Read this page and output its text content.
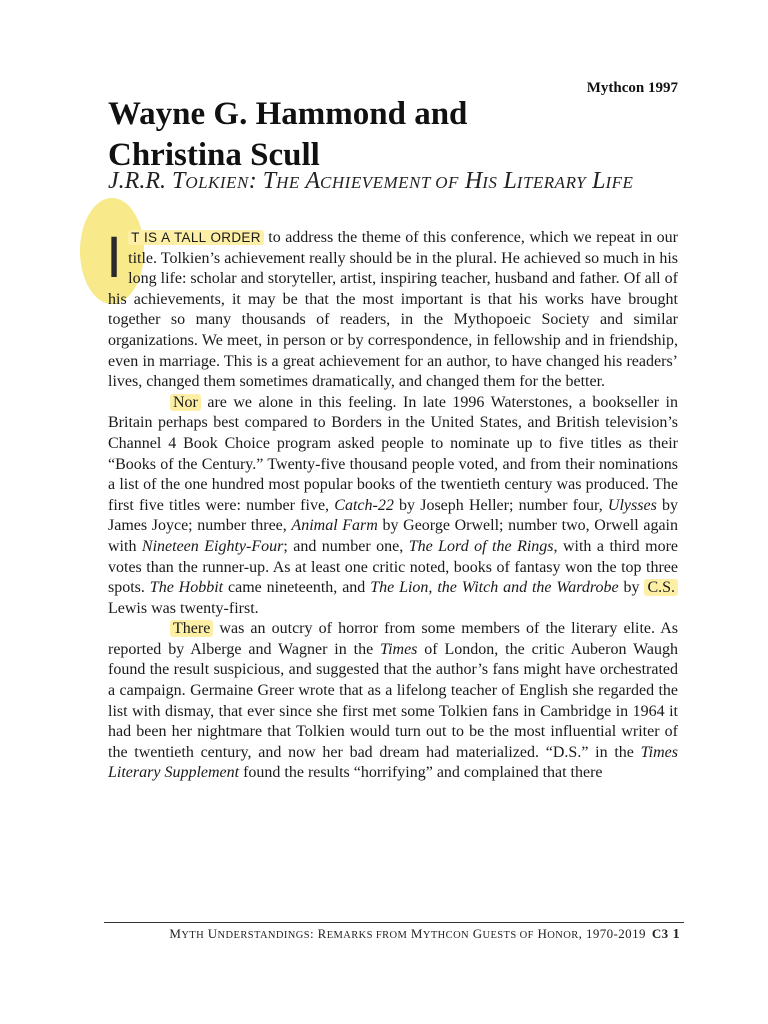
Mythcon 1997
Wayne G. Hammond and Christina Scull
J.R.R. TOLKIEN: THE ACHIEVEMENT OF HIS LITERARY LIFE

I T IS A TALL ORDER to address the theme of this conference, which we repeat in our title. Tolkien’s achievement really should be in the plural. He achieved so much in his long life: scholar and storyteller, artist, inspiring teacher, husband and father. Of all of his achievements, it may be that the most important is that his works have brought together so many thousands of readers, in the Mythopoeic Society and similar organizations. We meet, in person or by correspondence, in fellowship and in friendship, even in marriage. This is a great achievement for an author, to have changed his readers’ lives, changed them sometimes dramatically, and changed them for the better.

Nor are we alone in this feeling. In late 1996 Waterstones, a bookseller in Britain perhaps best compared to Borders in the United States, and British television’s Channel 4 Book Choice program asked people to nominate up to five titles as their “Books of the Century.” Twenty-five thousand people voted, and from their nominations a list of the one hundred most popular books of the twentieth century was produced. The first five titles were: number five, Catch-22 by Joseph Heller; number four, Ulysses by James Joyce; number three, Animal Farm by George Orwell; number two, Orwell again with Nineteen Eighty-Four; and number one, The Lord of the Rings, with a third more votes than the runner-up. As at least one critic noted, books of fantasy won the top three spots. The Hobbit came nineteenth, and The Lion, the Witch and the Wardrobe by C.S. Lewis was twenty-first.

There was an outcry of horror from some members of the literary elite. As reported by Alberge and Wagner in the Times of London, the critic Auberon Waugh found the result suspicious, and suggested that the author’s fans might have orchestrated a campaign. Germaine Greer wrote that as a lifelong teacher of English she regarded the list with dismay, that ever since she first met some Tolkien fans in Cambridge in 1964 it had been her nightmare that Tolkien would turn out to be the most influential writer of the twentieth century, and now her bad dream had materialized. “D.S.” in the Times Literary Supplement found the results “horrifying” and complained that there

MYTH UNDERSTANDINGS: REMARKS FROM MYTHCON GUESTS OF HONOR, 1970-2019 C3 1
